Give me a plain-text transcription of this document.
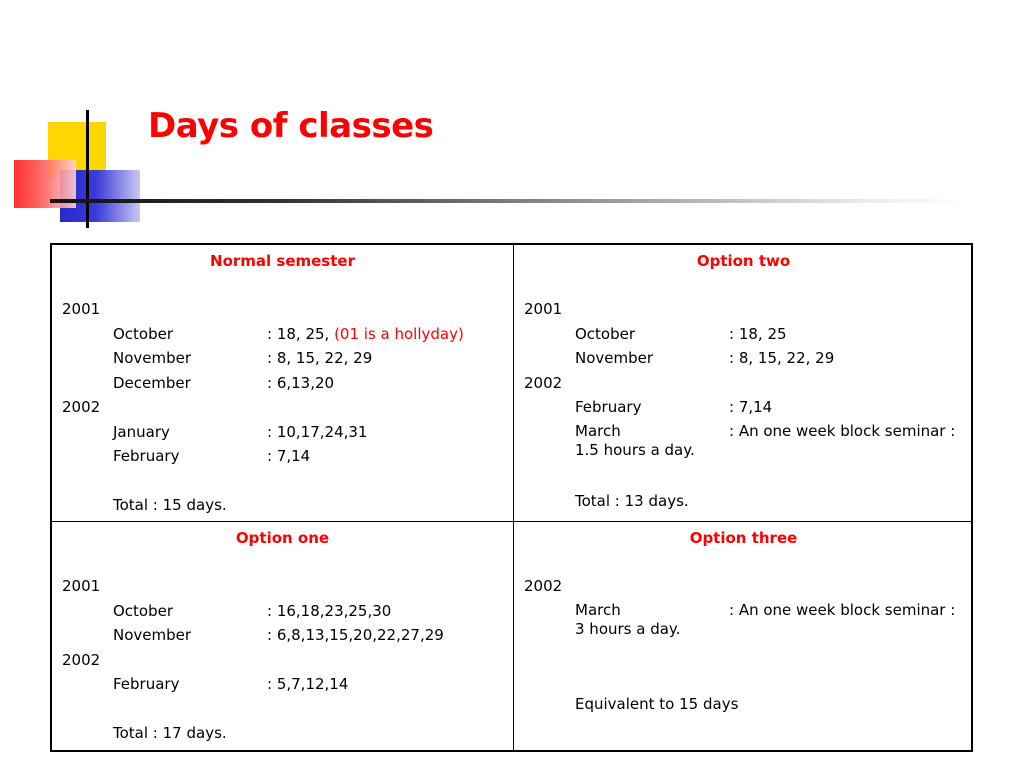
Days of classes
Normal semester
2001
October	: 18, 25, (01 is a hollyday)
November	: 8, 15, 22, 29
December	: 6,13,20
2002
January	: 10,17,24,31
February	: 7,14
Total : 15 days.
Option two
2001
October	: 18, 25
November	: 8, 15, 22, 29
2002
February	: 7,14
March	: An one week block seminar :
1.5 hours a day.
Total : 13 days.
Option one
2001
October	: 16,18,23,25,30
November	: 6,8,13,15,20,22,27,29
2002
February	: 5,7,12,14
Total : 17 days.
Option three
2002
March	: An one week block seminar :
3 hours a day.
Equivalent to 15 days
